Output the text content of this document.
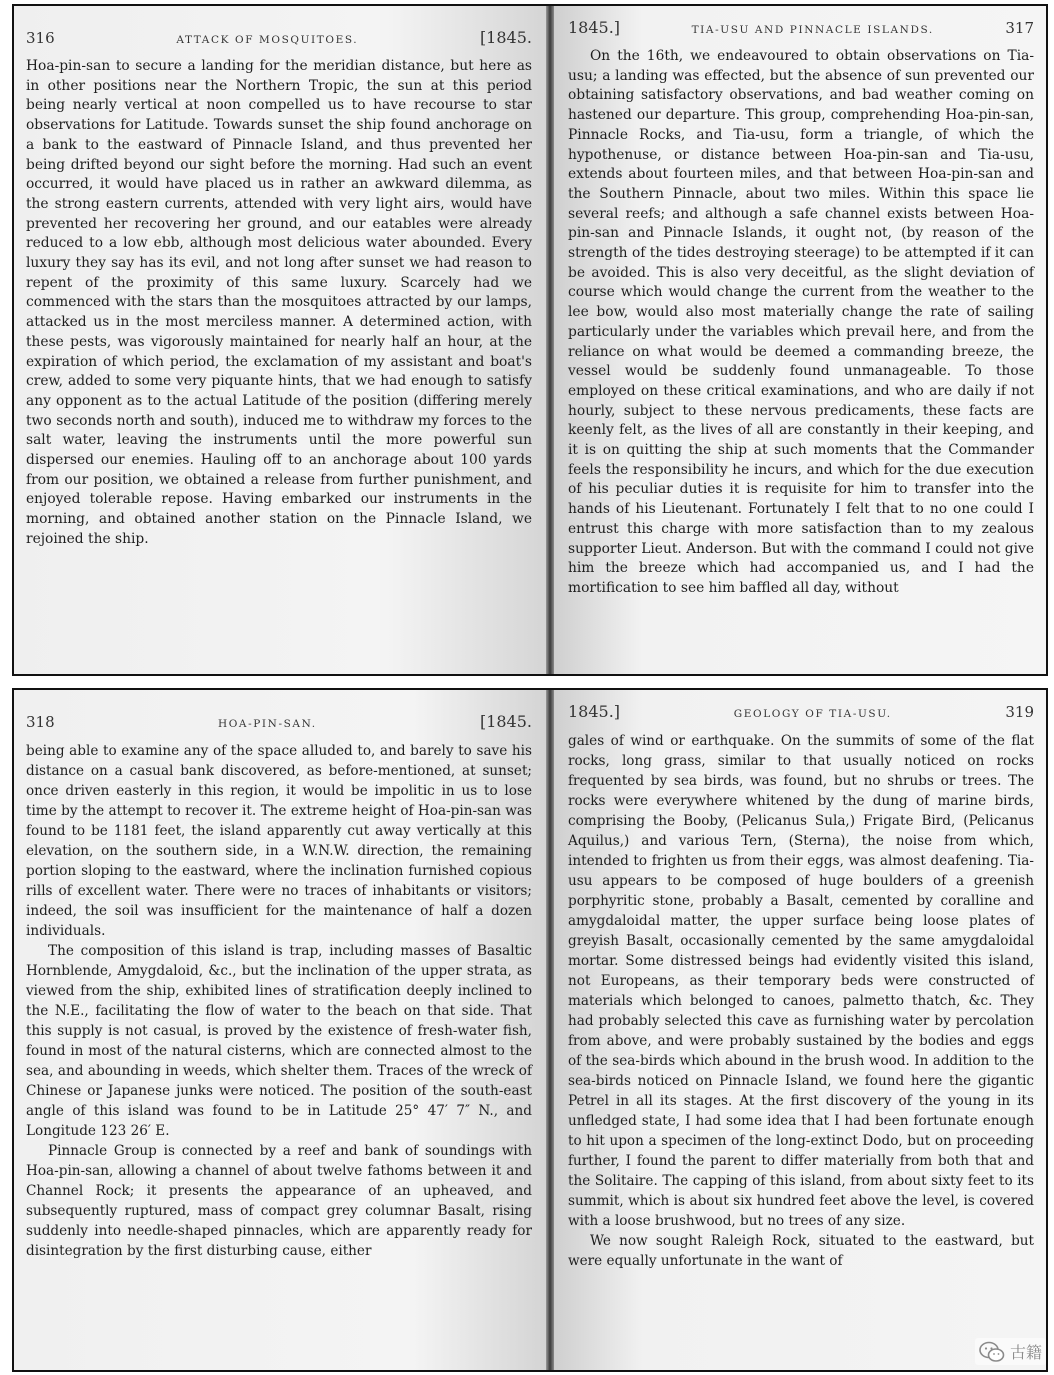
316	ATTACK OF MOSQUITOES.	[1845.

Hoa-pin-san to secure a landing for the meridian distance, but here as in other positions near the Northern Tropic, the sun at this period being nearly vertical at noon compelled us to have recourse to star observations for Latitude. Towards sunset the ship found anchorage on a bank to the eastward of Pinnacle Island, and thus prevented her being drifted beyond our sight before the morning. Had such an event occurred, it would have placed us in rather an awkward dilemma, as the strong eastern currents, attended with very light airs, would have prevented her recovering her ground, and our eatables were already reduced to a low ebb, although most delicious water abounded. Every luxury they say has its evil, and not long after sunset we had reason to repent of the proximity of this same luxury. Scarcely had we commenced with the stars than the mosquitoes attracted by our lamps, attacked us in the most merciless manner. A determined action, with these pests, was vigorously maintained for nearly half an hour, at the expiration of which period, the exclamation of my assistant and boat's crew, added to some very piquante hints, that we had enough to satisfy any opponent as to the actual Latitude of the position (differing merely two seconds north and south), induced me to withdraw my forces to the salt water, leaving the instruments until the more powerful sun dispersed our enemies. Hauling off to an anchorage about 100 yards from our position, we obtained a release from further punishment, and enjoyed tolerable repose. Having embarked our instruments in the morning, and obtained another station on the Pinnacle Island, we rejoined the ship.

1845.]	TIA-USU AND PINNACLE ISLANDS.	317

On the 16th, we endeavoured to obtain observations on Tia-usu; a landing was effected, but the absence of sun prevented our obtaining satisfactory observations, and bad weather coming on hastened our departure. This group, comprehending Hoa-pin-san, Pinnacle Rocks, and Tia-usu, form a triangle, of which the hypothenuse, or distance between Hoa-pin-san and Tia-usu, extends about fourteen miles, and that between Hoa-pin-san and the Southern Pinnacle, about two miles. Within this space lie several reefs; and although a safe channel exists between Hoa-pin-san and Pinnacle Islands, it ought not, (by reason of the strength of the tides destroying steerage) to be attempted if it can be avoided. This is also very deceitful, as the slight deviation of course which would change the current from the weather to the lee bow, would also most materially change the rate of sailing particularly under the variables which prevail here, and from the reliance on what would be deemed a commanding breeze, the vessel would be suddenly found unmanageable. To those employed on these critical examinations, and who are daily if not hourly, subject to these nervous predicaments, these facts are keenly felt, as the lives of all are constantly in their keeping, and it is on quitting the ship at such moments that the Commander feels the responsibility he incurs, and which for the due execution of his peculiar duties it is requisite for him to transfer into the hands of his Lieutenant. Fortunately I felt that to no one could I entrust this charge with more satisfaction than to my zealous supporter Lieut. Anderson. But with the command I could not give him the breeze which had accompanied us, and I had the mortification to see him baffled all day, without

318	HOA-PIN-SAN.	[1845.

being able to examine any of the space alluded to, and barely to save his distance on a casual bank discovered, as before-mentioned, at sunset; once driven easterly in this region, it would be impolitic in us to lose time by the attempt to recover it. The extreme height of Hoa-pin-san was found to be 1181 feet, the island apparently cut away vertically at this elevation, on the southern side, in a W.N.W. direction, the remaining portion sloping to the eastward, where the inclination furnished copious rills of excellent water. There were no traces of inhabitants or visitors; indeed, the soil was insufficient for the maintenance of half a dozen individuals.

The composition of this island is trap, including masses of Basaltic Hornblende, Amygdaloid, &c., but the inclination of the upper strata, as viewed from the ship, exhibited lines of stratification deeply inclined to the N.E., facilitating the flow of water to the beach on that side. That this supply is not casual, is proved by the existence of fresh-water fish, found in most of the natural cisterns, which are connected almost to the sea, and abounding in weeds, which shelter them. Traces of the wreck of Chinese or Japanese junks were noticed. The position of the south-east angle of this island was found to be in Latitude 25° 47′ 7″ N., and Longitude 123 26′ E.

Pinnacle Group is connected by a reef and bank of soundings with Hoa-pin-san, allowing a channel of about twelve fathoms between it and Channel Rock; it presents the appearance of an upheaved, and subsequently ruptured, mass of compact grey columnar Basalt, rising suddenly into needle-shaped pinnacles, which are apparently ready for disintegration by the first disturbing cause, either

1845.]	GEOLOGY OF TIA-USU.	319

gales of wind or earthquake. On the summits of some of the flat rocks, long grass, similar to that usually noticed on rocks frequented by sea birds, was found, but no shrubs or trees. The rocks were everywhere whitened by the dung of marine birds, comprising the Booby, (Pelicanus Sula,) Frigate Bird, (Pelicanus Aquilus,) and various Tern, (Sterna), the noise from which, intended to frighten us from their eggs, was almost deafening. Tia-usu appears to be composed of huge boulders of a greenish porphyritic stone, probably a Basalt, cemented by coralline and amygdaloidal matter, the upper surface being loose plates of greyish Basalt, occasionally cemented by the same amygdaloidal mortar. Some distressed beings had evidently visited this island, not Europeans, as their temporary beds were constructed of materials which belonged to canoes, palmetto thatch, &c. They had probably selected this cave as furnishing water by percolation from above, and were probably sustained by the bodies and eggs of the sea-birds which abound in the brush wood. In addition to the sea-birds noticed on Pinnacle Island, we found here the gigantic Petrel in all its stages. At the first discovery of the young in its unfledged state, I had some idea that I had been fortunate enough to hit upon a specimen of the long-extinct Dodo, but on proceeding further, I found the parent to differ materially from both that and the Solitaire. The capping of this island, from about sixty feet to its summit, which is about six hundred feet above the level, is covered with a loose brushwood, but no trees of any size.

We now sought Raleigh Rock, situated to the eastward, but were equally unfortunate in the want of

古籍
